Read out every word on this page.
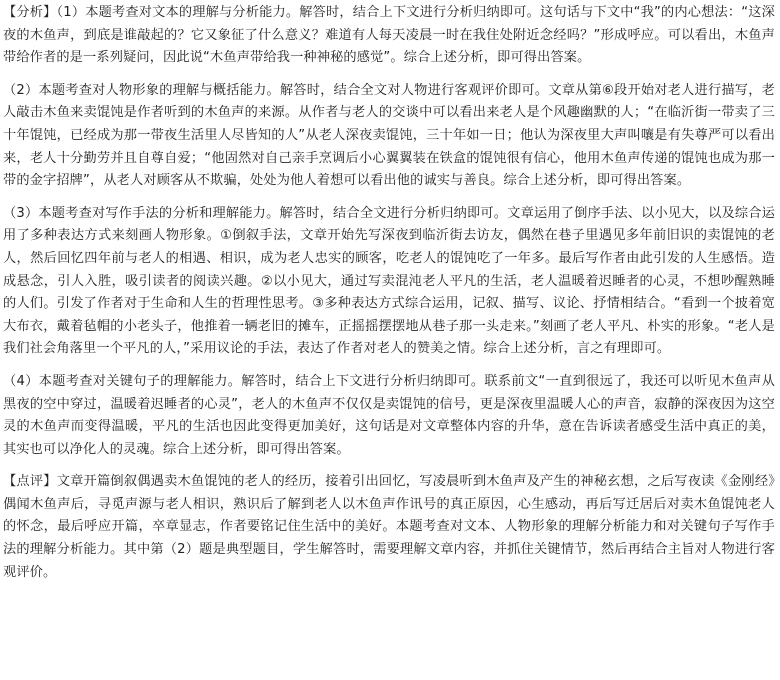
【分析】（1）本题考查对文本的理解与分析能力。解答时，结合上下文进行分析归纳即可。这句话与下文中“我”的内心想法：“这深夜的木鱼声，到底是谁敲起的？它又象征了什么意义？难道有人每天凌晨一时在我住处附近念经吗？”形成呼应。可以看出，木鱼声带给作者的是一系列疑问，因此说“木鱼声带给我一种神秘的感觉”。综合上述分析，即可得出答案。

（2）本题考查对人物形象的理解与概括能力。解答时，结合全文对人物进行客观评价即可。文章从第⑥段开始对老人进行描写，老人敲击木鱼来卖馄饨是作者听到的木鱼声的来源。从作者与老人的交谈中可以看出来老人是个风趣幽默的人；“在临沂街一带卖了三十年馄饨，已经成为那一带夜生活里人尽皆知的人”从老人深夜卖馄饨，三十年如一日；他认为深夜里大声叫嚷是有失尊严可以看出来，老人十分勤劳并且自尊自爱；“他固然对自己亲手烹调后小心翼翼装在铁盒的馄饨很有信心，他用木鱼声传递的馄饨也成为那一带的金字招牌”，从老人对顾客从不欺骗，处处为他人着想可以看出他的诚实与善良。综合上述分析，即可得出答案。

（3）本题考查对写作手法的分析和理解能力。解答时，结合全文进行分析归纳即可。文章运用了倒序手法、以小见大，以及综合运用了多种表达方式来刻画人物形象。①倒叙手法，文章开始先写深夜到临沂街去访友，偶然在巷子里遇见多年前旧识的卖馄饨的老人，然后回忆四年前与老人的相遇、相识，成为老人忠实的顾客，吃老人的馄饨吃了一年多。最后写作者由此引发的人生感悟。造成悬念，引人入胜，吸引读者的阅读兴趣。②以小见大，通过写卖混沌老人平凡的生活，老人温暖着迟睡者的心灵，不想吵醒熟睡的人们。引发了作者对于生命和人生的哲理性思考。③多种表达方式综合运用，记叙、描写、议论、抒情相结合。“看到一个披着宽大布衣，戴着毡帽的小老头子，他推着一辆老旧的摊车，正摇摇摆摆地从巷子那一头走来。”刻画了老人平凡、朴实的形象。“老人是我们社会角落里一个平凡的人，”采用议论的手法，表达了作者对老人的赞美之情。综合上述分析，言之有理即可。

（4）本题考查对关键句子的理解能力。解答时，结合上下文进行分析归纳即可。联系前文“一直到很远了，我还可以听见木鱼声从黑夜的空中穿过，温暖着迟睡者的心灵”，老人的木鱼声不仅仅是卖馄饨的信号，更是深夜里温暖人心的声音，寂静的深夜因为这空灵的木鱼声而变得温暖，平凡的生活也因此变得更加美好，这句话是对文章整体内容的升华，意在告诉读者感受生活中真正的美，其实也可以净化人的灵魂。综合上述分析，即可得出答案。

【点评】文章开篇倒叙偶遇卖木鱼馄饨的老人的经历，接着引出回忆，写凌晨听到木鱼声及产生的神秘玄想，之后写夜读《金刚经》偶闻木鱼声后，寻觅声源与老人相识，熟识后了解到老人以木鱼声作讯号的真正原因，心生感动，再后写迁居后对卖木鱼馄饨老人的怀念，最后呼应开篇，卒章显志，作者要铭记住生活中的美好。本题考查对文本、人物形象的理解分析能力和对关键句子写作手法的理解分析能力。其中第（2）题是典型题目，学生解答时，需要理解文章内容，并抓住关键情节，然后再结合主旨对人物进行客观评价。
